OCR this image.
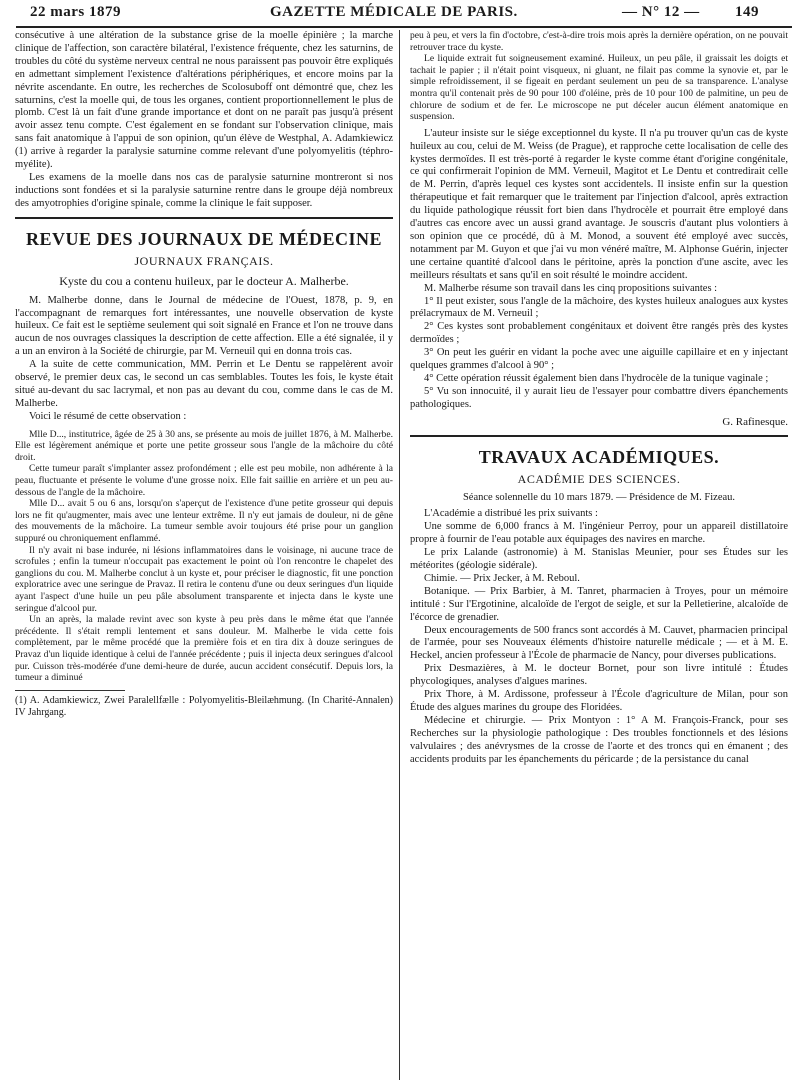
22 mars 1879	GAZETTE MÉDICALE DE PARIS.	— N° 12 — 149

consécutive à une altération de la substance grise de la moelle épinière ; la marche clinique de l'affection, son caractère bilatéral, l'existence fréquente, chez les saturnins, de troubles du côté du système nerveux central ne nous paraissent pas pouvoir être expliqués en admettant simplement l'existence d'altérations périphériques, et encore moins par la névrite ascendante. En outre, les recherches de Scolosuboff ont démontré que, chez les saturnins, c'est la moelle qui, de tous les organes, contient proportionnellement le plus de plomb. C'est là un fait d'une grande importance et dont on ne paraît pas jusqu'à présent avoir assez tenu compte. C'est également en se fondant sur l'observation clinique, mais sans fait anatomique à l'appui de son opinion, qu'un élève de Westphal, A. Adamkiewicz (1) arrive à regarder la paralysie saturnine comme relevant d'une polyomyelitis (téphro-myélite).

Les examens de la moelle dans nos cas de paralysie saturnine montreront si nos inductions sont fondées et si la paralysie saturnine rentre dans le groupe déjà nombreux des amyotrophies d'origine spinale, comme la clinique le fait supposer.

REVUE DES JOURNAUX DE MÉDECINE
JOURNAUX FRANÇAIS.
Kyste du cou a contenu huileux, par le docteur A. Malherbe.

M. Malherbe donne, dans le Journal de médecine de l'Ouest, 1878, p. 9, en l'accompagnant de remarques fort intéressantes, une nouvelle observation de kyste huileux. Ce fait est le septième seulement qui soit signalé en France et l'on ne trouve dans aucun de nos ouvrages classiques la description de cette affection. Elle a été signalée, il y a un an environ à la Société de chirurgie, par M. Verneuil qui en donna trois cas.

A la suite de cette communication, MM. Perrin et Le Dentu se rappelèrent avoir observé, le premier deux cas, le second un cas semblables. Toutes les fois, le kyste était situé au-devant du sac lacrymal, et non pas au devant du cou, comme dans le cas de M. Malherbe.

Voici le résumé de cette observation :

Mlle D..., institutrice, âgée de 25 à 30 ans, se présente au mois de juillet 1876, à M. Malherbe. Elle est légèrement anémique et porte une petite grosseur sous l'angle de la mâchoire du côté droit.

Cette tumeur paraît s'implanter assez profondément ; elle est peu mobile, non adhérente à la peau, fluctuante et présente le volume d'une grosse noix. Elle fait saillie en arrière et un peu au-dessous de l'angle de la mâchoire.

Mlle D... avait 5 ou 6 ans, lorsqu'on s'aperçut de l'existence d'une petite grosseur qui depuis lors ne fit qu'augmenter, mais avec une lenteur extrême. Il n'y eut jamais de douleur, ni de gêne des mouvements de la mâchoire. La tumeur semble avoir toujours été prise pour un ganglion suppuré ou chroniquement enflammé.

Il n'y avait ni base indurée, ni lésions inflammatoires dans le voisinage, ni aucune trace de scrofules ; enfin la tumeur n'occupait pas exactement le point où l'on rencontre le chapelet des ganglions du cou. M. Malherbe conclut à un kyste et, pour préciser le diagnostic, fit une ponction exploratrice avec une seringue de Pravaz. Il retira le contenu d'une ou deux seringues d'un liquide ayant l'aspect d'une huile un peu pâle absolument transparente et injecta dans le kyste une seringue d'alcool pur.

Un an après, la malade revint avec son kyste à peu près dans le même état que l'année précédente. Il s'était rempli lentement et sans douleur. M. Malherbe le vida cette fois complètement, par le même procédé que la première fois et en tira dix à douze seringues de Pravaz d'un liquide identique à celui de l'année précédente ; puis il injecta deux seringues d'alcool pur. Cuisson très-modérée d'une demi-heure de durée, aucun accident consécutif. Depuis lors, la tumeur a diminué

(1) A. Adamkiewicz, Zwei Paralellfælle : Polyomyelitis-Bleilæhmung. (In Charité-Annalen) IV Jahrgang.

peu à peu, et vers la fin d'octobre, c'est-à-dire trois mois après la dernière opération, on ne pouvait retrouver trace du kyste.

Le liquide extrait fut soigneusement examiné. Huileux, un peu pâle, il graissait les doigts et tachait le papier ; il n'était point visqueux, ni gluant, ne filait pas comme la synovie et, par le simple refroidissement, il se figeait en perdant seulement un peu de sa transparence. L'analyse montra qu'il contenait près de 90 pour 100 d'oléine, près de 10 pour 100 de palmitine, un peu de chlorure de sodium et de fer. Le microscope ne put déceler aucun élément anatomique en suspension.

L'auteur insiste sur le siége exceptionnel du kyste. Il n'a pu trouver qu'un cas de kyste huileux au cou, celui de M. Weiss (de Prague), et rapproche cette localisation de celle des kystes dermoïdes. Il est très-porté à regarder le kyste comme étant d'origine congénitale, ce qui confirmerait l'opinion de MM. Verneuil, Magitot et Le Dentu et contredirait celle de M. Perrin, d'après lequel ces kystes sont accidentels. Il insiste enfin sur la question thérapeutique et fait remarquer que le traitement par l'injection d'alcool, après extraction du liquide pathologique réussit fort bien dans l'hydrocèle et pourrait être employé dans d'autres cas encore avec un aussi grand avantage. Je souscris d'autant plus volontiers à son opinion que ce procédé, dû à M. Monod, a souvent été employé avec succès, notamment par M. Guyon et que j'ai vu mon vénéré maître, M. Alphonse Guérin, injecter une certaine quantité d'alcool dans le péritoine, après la ponction d'une ascite, avec les meilleurs résultats et sans qu'il en soit résulté le moindre accident.

M. Malherbe résume son travail dans les cinq propositions suivantes :

1° Il peut exister, sous l'angle de la mâchoire, des kystes huileux analogues aux kystes prélacrymaux de M. Verneuil ;

2° Ces kystes sont probablement congénitaux et doivent être rangés près des kystes dermoïdes ;

3° On peut les guérir en vidant la poche avec une aiguille capillaire et en y injectant quelques grammes d'alcool à 90° ;

4° Cette opération réussit également bien dans l'hydrocèle de la tunique vaginale ;

5° Vu son innocuité, il y aurait lieu de l'essayer pour combattre divers épanchements pathologiques.

G. Rafinesque.
TRAVAUX ACADÉMIQUES.
ACADÉMIE DES SCIENCES.

Séance solennelle du 10 mars 1879. — Présidence de M. Fizeau.

L'Académie a distribué les prix suivants :

Une somme de 6,000 francs à M. l'ingénieur Perroy, pour un appareil distillatoire propre à fournir de l'eau potable aux équipages des navires en marche.

Le prix Lalande (astronomie) à M. Stanislas Meunier, pour ses Études sur les météorites (géologie sidérale).

Chimie. — Prix Jecker, à M. Reboul.

Botanique. — Prix Barbier, à M. Tanret, pharmacien à Troyes, pour un mémoire intitulé : Sur l'Ergotinine, alcaloïde de l'ergot de seigle, et sur la Pelletierine, alcaloïde de l'écorce de grenadier.

Deux encouragements de 500 francs sont accordés à M. Cauvet, pharmacien principal de l'armée, pour ses Nouveaux éléments d'histoire naturelle médicale ; — et à M. E. Heckel, ancien professeur à l'École de pharmacie de Nancy, pour diverses publications.

Prix Desmazières, à M. le docteur Bornet, pour son livre intitulé : Études phycologiques, analyses d'algues marines.

Prix Thore, à M. Ardissone, professeur à l'École d'agriculture de Milan, pour son Étude des algues marines du groupe des Floridées.

Médecine et chirurgie. — Prix Montyon : 1° A M. François-Franck, pour ses Recherches sur la physiologie pathologique : Des troubles fonctionnels et des lésions valvulaires ; des anévrysmes de la crosse de l'aorte et des troncs qui en émanent ; des accidents produits par les épanchements du péricarde ; de la persistance du canal
